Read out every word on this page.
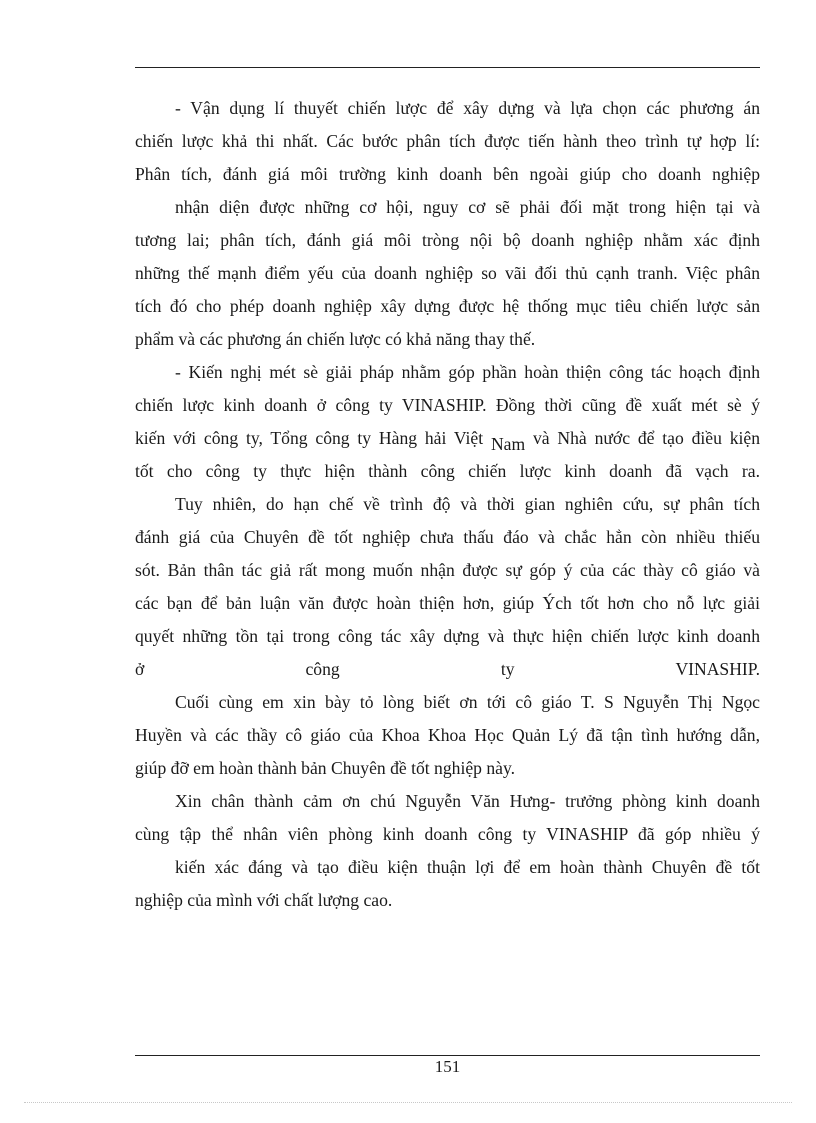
- Vận dụng lí thuyết chiến lược để xây dựng và lựa chọn các phương án
chiến lược khả thi nhất. Các bước phân tích được tiến hành theo trình tự hợp lí:
Phân tích, đánh giá môi trường kinh doanh bên ngoài giúp cho doanh nghiệp
nhận diện được những cơ hội, nguy cơ sẽ phải đối mặt trong hiện tại và
tương lai; phân tích, đánh giá môi tròng nội bộ doanh nghiệp nhằm xác định
những thế mạnh điểm yếu của doanh nghiệp so vãi đối thủ cạnh tranh. Việc phân
tích đó cho phép doanh nghiệp xây dựng được hệ thống mục tiêu chiến lược sản
phẩm và các phương án chiến lược có khả năng thay thế.
- Kiến nghị mét sè giải pháp nhằm góp phần hoàn thiện công tác hoạch định
chiến lược kinh doanh ở công ty VINASHIP. Đồng thời cũng đề xuất mét sè ý
kiến với công ty, Tổng công ty Hàng hải Việt Nam và Nhà nước để tạo điều kiện
tốt cho công ty thực hiện thành công chiến lược kinh doanh đã vạch ra.
Tuy nhiên, do hạn chế về trình độ và thời gian nghiên cứu, sự phân tích
đánh giá của Chuyên đề tốt nghiệp chưa thấu đáo và chắc hẳn còn nhiều thiếu
sót. Bản thân tác giả rất mong muốn nhận được sự góp ý của các thày cô giáo và
các bạn để bản luận văn được hoàn thiện hơn, giúp Ých tốt hơn cho nỗ lực giải
quyết những tồn tại trong công tác xây dựng và thực hiện chiến lược kinh doanh
ở công ty VINASHIP.
Cuối cùng em xin bày tỏ lòng biết ơn tới cô giáo T. S Nguyễn Thị Ngọc
Huyền và các thầy cô giáo của Khoa Khoa Học Quản Lý đã tận tình hướng dẫn,
giúp đỡ em hoàn thành bản Chuyên đề tốt nghiệp này.
Xin chân thành cảm ơn chú Nguyễn Văn Hưng- trưởng phòng kinh doanh
cùng tập thể nhân viên phòng kinh doanh công ty VINASHIP đã góp nhiều ý
kiến xác đáng và tạo điều kiện thuận lợi để em hoàn thành Chuyên đề tốt
nghiệp của mình với chất lượng cao.
151
